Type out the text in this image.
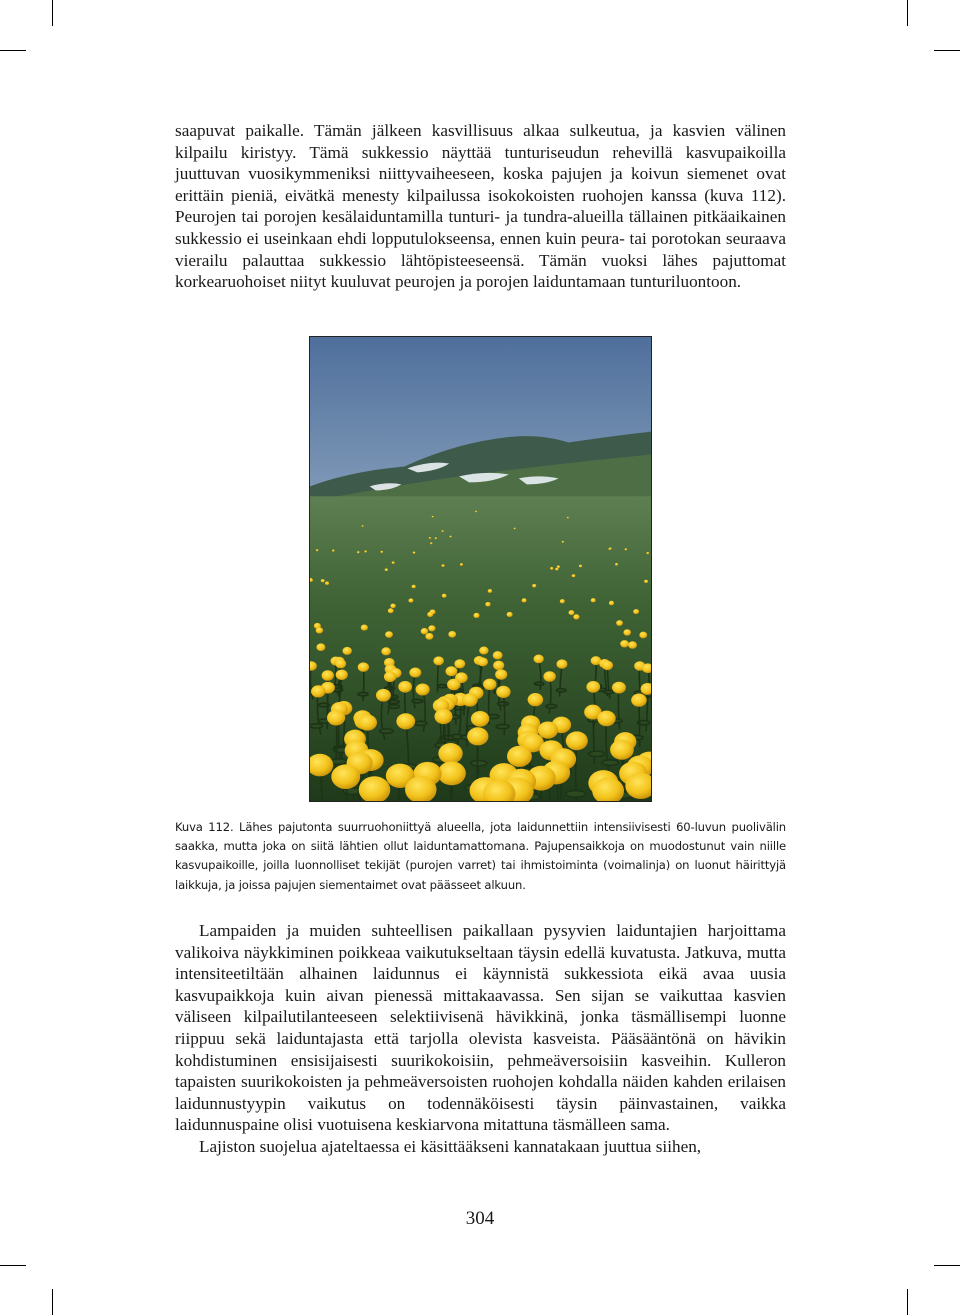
saapuvat paikalle. Tämän jälkeen kasvillisuus alkaa sulkeutua, ja kasvien välinen kilpailu kiristyy. Tämä sukkessio näyttää tunturiseudun rehevillä kasvupaikoilla juuttuvan vuosikymmeniksi niittyvaiheeseen, koska pajujen ja koivun siemenet ovat erittäin pieniä, eivätkä menesty kilpailussa isokokoisten ruohojen kanssa (kuva 112). Peurojen tai porojen kesälaiduntamilla tunturi- ja tundra-alueilla tällainen pitkäaikainen sukkessio ei useinkaan ehdi lopputulokseensa, ennen kuin peura- tai porotokan seuraava vierailu palauttaa sukkessio lähtöpisteeseensä. Tämän vuoksi lähes pajuttomat korkearuohoiset niityt kuuluvat peurojen ja porojen laiduntamaan tunturiluontoon.

Kuva 112. Lähes pajutonta suurruohoniittyä alueella, jota laidunnettiin intensiivisesti 60-luvun puolivälin saakka, mutta joka on siitä lähtien ollut laiduntamattomana. Pajupensaikkoja on muodostunut vain niille kasvupaikoille, joilla luonnolliset tekijät (purojen varret) tai ihmistoiminta (voimalinja) on luonut häirittyjä laikkuja, ja joissa pajujen siementaimet ovat päässeet alkuun.

Lampaiden ja muiden suhteellisen paikallaan pysyvien laiduntajien harjoittama valikoiva näykkiminen poikkeaa vaikutukseltaan täysin edellä kuvatusta. Jatkuva, mutta intensiteetiltään alhainen laidunnus ei käynnistä sukkessiota eikä avaa uusia kasvupaikkoja kuin aivan pienessä mittakaavassa. Sen sijan se vaikuttaa kasvien väliseen kilpailutilanteeseen selektiivisenä hävikkinä, jonka täsmällisempi luonne riippuu sekä laiduntajasta että tarjolla olevista kasveista. Pääsääntönä on hävikin kohdistuminen ensisijaisesti suurikokoisiin, pehmeäversoisiin kasveihin. Kulleron tapaisten suurikokoisten ja pehmeäversoisten ruohojen kohdalla näiden kahden erilaisen laidunnustyypin vaikutus on todennäköisesti täysin päinvastainen, vaikka laidunnuspaine olisi vuotuisena keskiarvona mitattuna täsmälleen sama.

Lajiston suojelua ajateltaessa ei käsittääkseni kannatakaan juuttua siihen,

304
